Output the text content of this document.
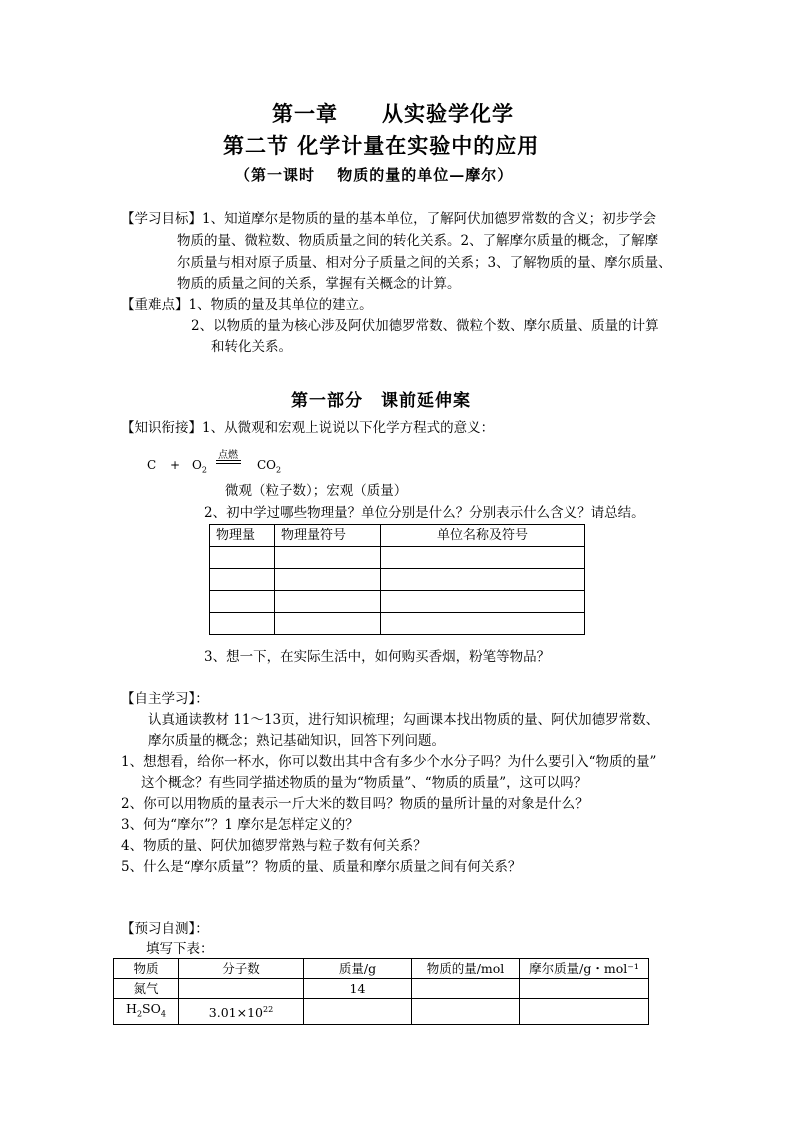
第一章　　从实验学化学
第二节 化学计量在实验中的应用
（第一课时　 物质的量的单位—摩尔）
【学习目标】1、知道摩尔是物质的量的基本单位，了解阿伏加德罗常数的含义；初步学会
物质的量、微粒数、物质质量之间的转化关系。2、了解摩尔质量的概念，了解摩
尔质量与相对原子质量、相对分子质量之间的关系；3、了解物质的量、摩尔质量、
物质的质量之间的关系，掌握有关概念的计算。
【重难点】1、物质的量及其单位的建立。
2、以物质的量为核心涉及阿伏加德罗常数、微粒个数、摩尔质量、质量的计算
和转化关系。
第一部分　课前延伸案
【知识衔接】1、从微观和宏观上说说以下化学方程式的意义：
$C + O_2$
点燃
$CO_2$
微观（粒子数）；宏观（质量）
2、初中学过哪些物理量？单位分别是什么？分别表示什么含义？请总结。
物理量	物理量符号	单位名称及符号

3、想一下，在实际生活中，如何购买香烟，粉笔等物品？
【自主学习】：
认真通读教材 11～13页，进行知识梳理；勾画课本找出物质的量、阿伏加德罗常数、
摩尔质量的概念；熟记基础知识，回答下列问题。
1、想想看，给你一杯水，你可以数出其中含有多少个水分子吗？为什么要引入“物质的量”
这个概念？有些同学描述物质的量为“物质量”、“物质的质量”，这可以吗？
2、你可以用物质的量表示一斤大米的数目吗？物质的量所计量的对象是什么？
3、何为“摩尔”？1 摩尔是怎样定义的？
4、物质的量、阿伏加德罗常熟与粒子数有何关系？
5、什么是“摩尔质量”？物质的量、质量和摩尔质量之间有何关系？
【预习自测】：
填写下表：
物质	分子数	质量/g	物质的量/mol	摩尔质量/g・mol⁻¹
氮气		14		
$H_2SO_4$	$3.01\times 10^{22}$			
